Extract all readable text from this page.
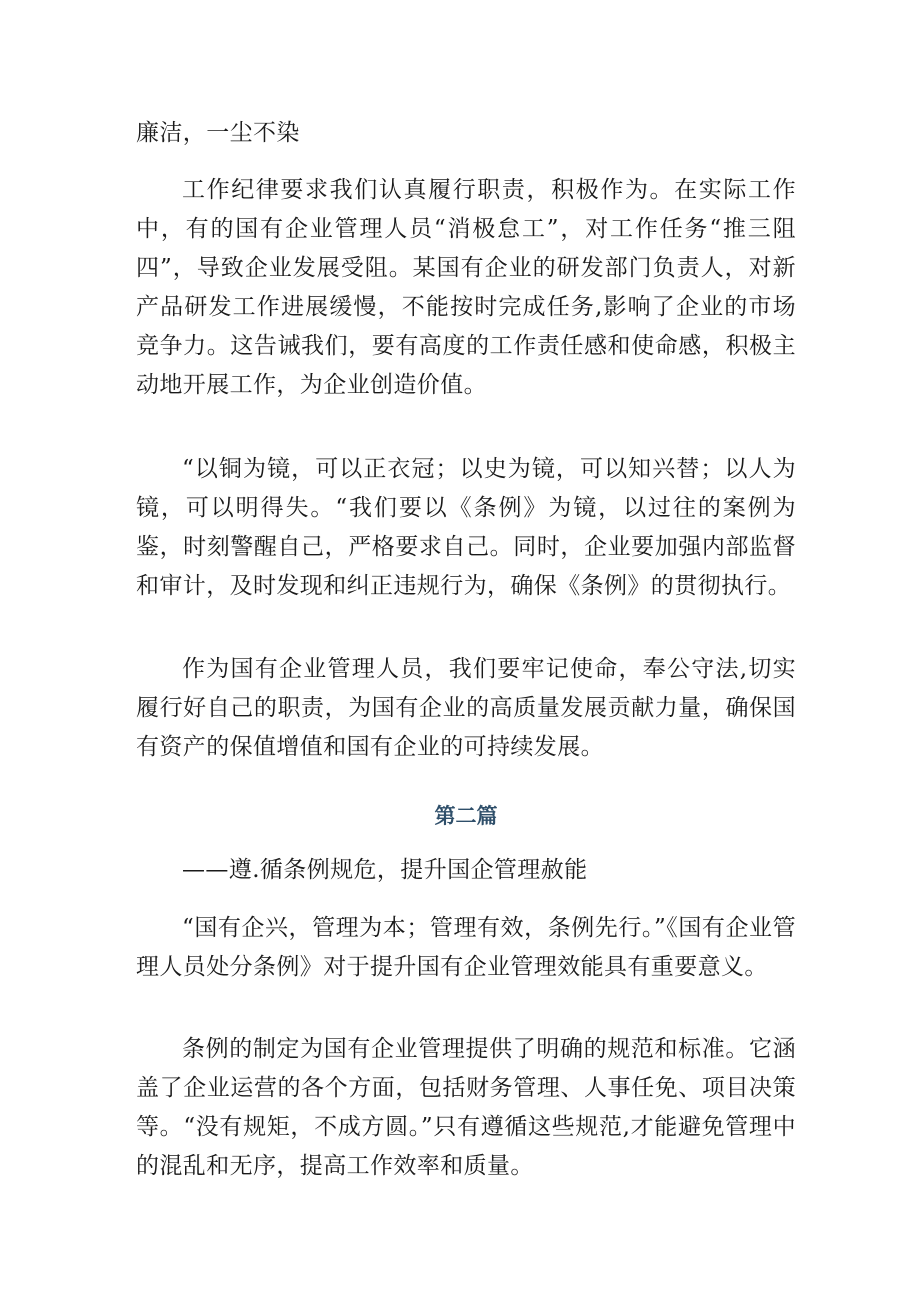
廉洁，一尘不染

工作纪律要求我们认真履行职责，积极作为。在实际工作中，有的国有企业管理人员“消极怠工”，对工作任务“推三阻四”，导致企业发展受阻。某国有企业的研发部门负责人，对新产品研发工作进展缓慢，不能按时完成任务,影响了企业的市场竞争力。这告诫我们，要有高度的工作责任感和使命感，积极主动地开展工作，为企业创造价值。

“以铜为镜，可以正衣冠；以史为镜，可以知兴替；以人为镜，可以明得失。“我们要以《条例》为镜，以过往的案例为鉴，时刻警醒自己，严格要求自己。同时，企业要加强内部监督和审计，及时发现和纠正违规行为，确保《条例》的贯彻执行。

作为国有企业管理人员，我们要牢记使命，奉公守法,切实履行好自己的职责，为国有企业的高质量发展贡献力量，确保国有资产的保值增值和国有企业的可持续发展。

第二篇

——遵.循条例规危，提升国企管理赦能

“国有企兴，管理为本；管理有效，条例先行。”《国有企业管理人员处分条例》对于提升国有企业管理效能具有重要意义。

条例的制定为国有企业管理提供了明确的规范和标准。它涵盖了企业运营的各个方面，包括财务管理、人事任免、项目决策等。“没有规矩，不成方圆。”只有遵循这些规范,才能避免管理中的混乱和无序，提高工作效率和质量。
